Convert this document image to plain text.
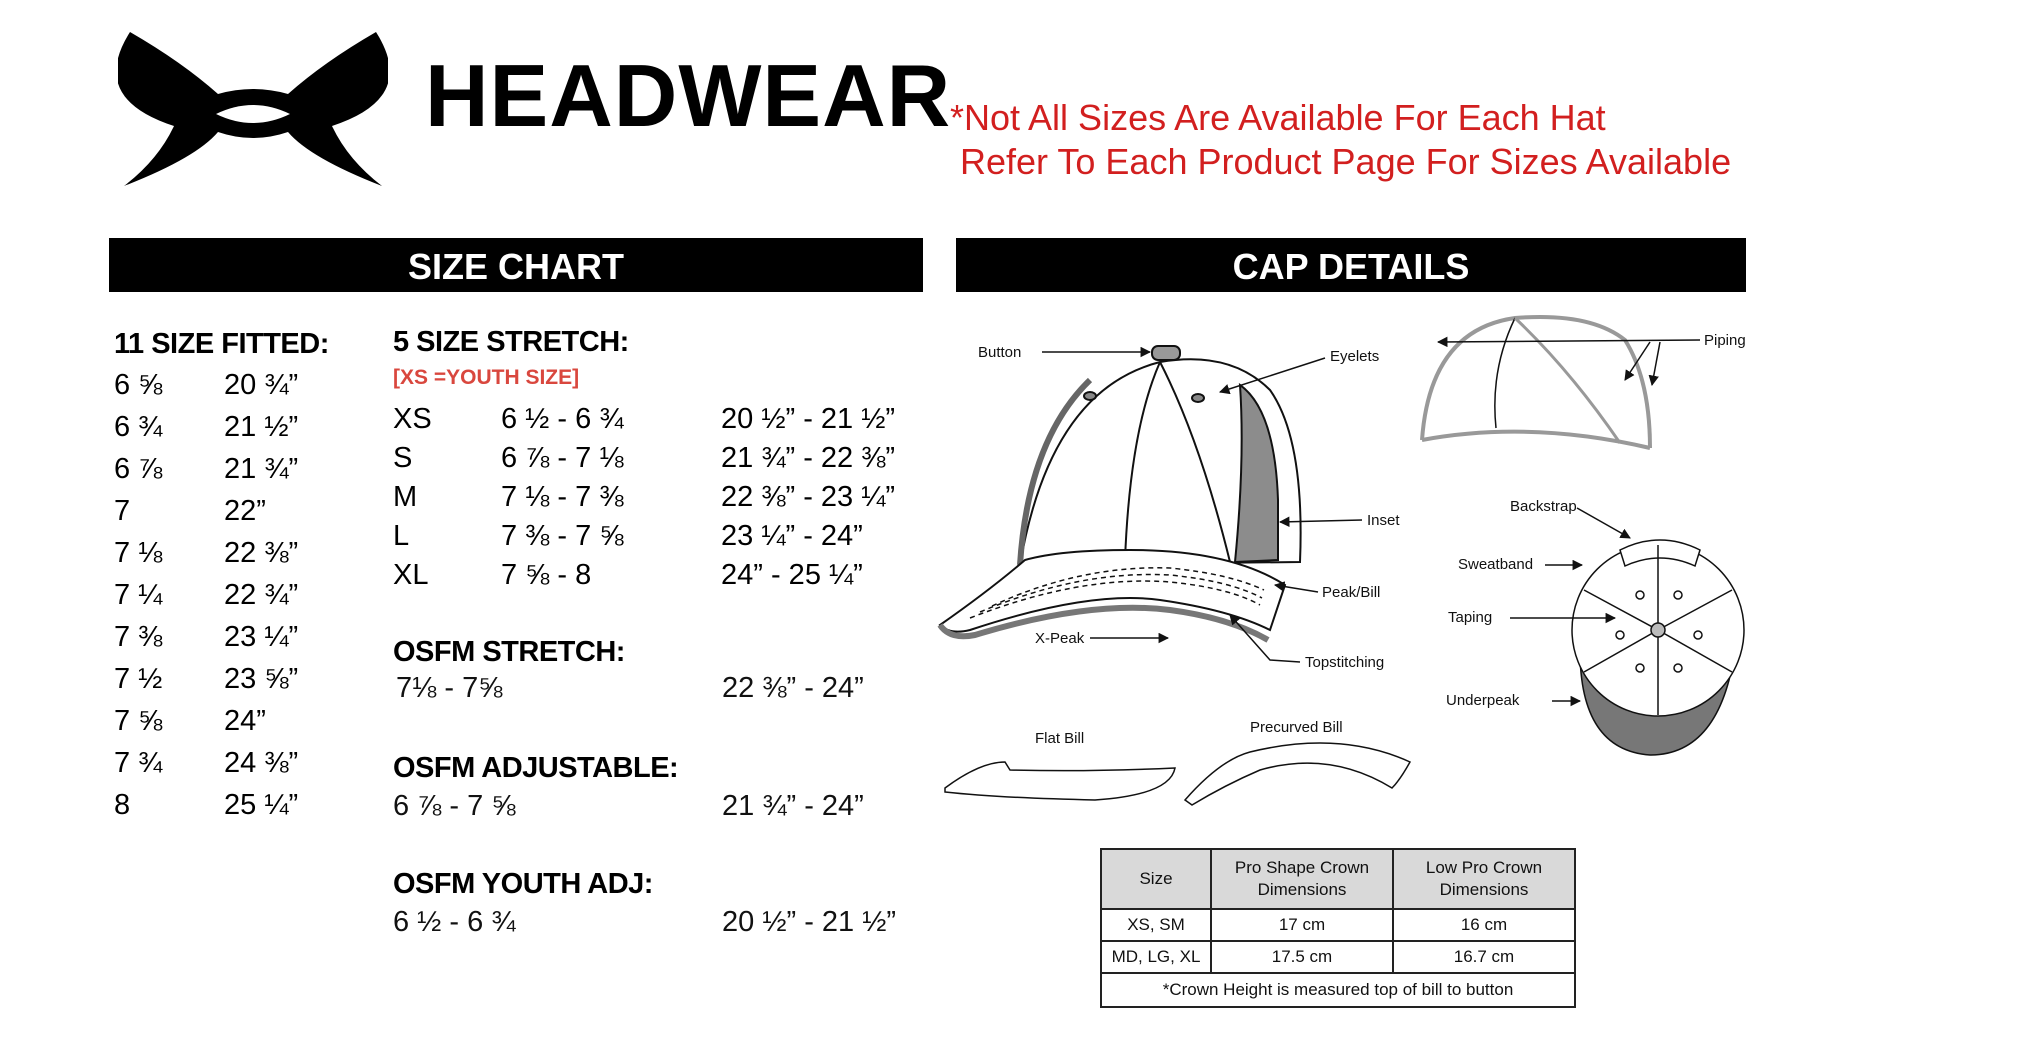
HEADWEAR
*Not All Sizes Are Available For Each Hat
Refer To Each Product Page For Sizes Available
SIZE CHART	CAP DETAILS
11 SIZE FITTED:
6 ⅝ 20 ¾”
6 ¾ 21 ½”
6 ⅞ 21 ¾”
7	22”
7 ⅛ 22 ⅜”
7 ¼ 22 ¾”
7 ⅜ 23 ¼”
7 ½ 23 ⅝”
7 ⅝ 24”
7 ¾ 24 ⅜”
8	25 ¼”
5 SIZE STRETCH:
[XS =YOUTH SIZE]
XS 6 ½ - 6 ¾	20 ½” - 21 ½”
S	6 ⅞ - 7 ⅛	21 ¾” - 22 ⅜”
M	7 ⅛ - 7 ⅜	22 ⅜” - 23 ¼”
L	7 ⅜ - 7 ⅝	23 ¼” - 24”
XL	7 ⅝ - 8	24” - 25 ¼”
OSFM STRETCH:
7⅛ - 7⅝	22 ⅜” - 24”
OSFM ADJUSTABLE:
6 ⅞ - 7 ⅝	21 ¾” - 24”
OSFM YOUTH ADJ:
6 ½ - 6 ¾	20 ½” - 21 ½”
Button	Eyelets
Inset
Peak/Bill
X-Peak
Topstitching
Piping
Backstrap
Sweatband
Taping
Underpeak
Flat Bill
Precurved Bill
Size	Pro Shape Crown Dimensions	Low Pro Crown Dimensions
XS, SM	17 cm	16 cm
MD, LG, XL	17.5 cm	16.7 cm
*Crown Height is measured top of bill to button		
